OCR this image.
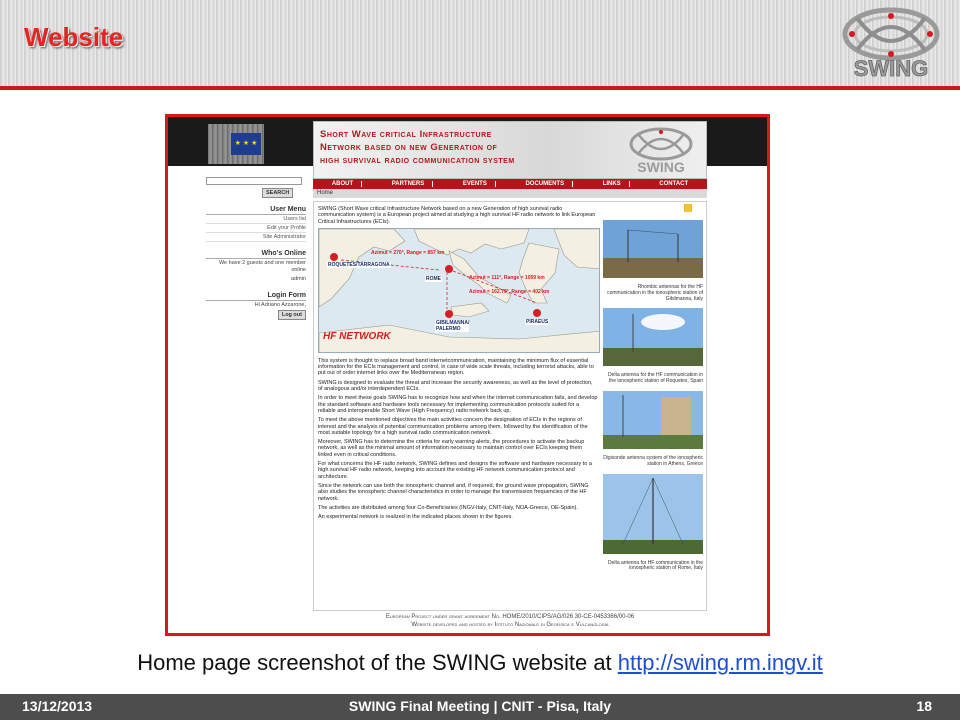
Website
SWING
★ ★ ★
Short Wave critical Infrastructure
Network based on new Generation of
high survival radio communication system	SWING
ABOUT	PARTNERS	EVENTS	DOCUMENTS	LINKS	CONTACT
Home
SEARCH
User Menu
Users list
Edit your Profile
Site Administrator
Who's Online
We have 2 guests and one member online
admin
Login Form
Hi Adriano Azzarone,
Log out

SWING (Short Wave critical Infrastructure Network based on a new Generation of high survival radio communication system) is a European project aimed at studying a high survival HF radio network to link European Critical Infrastructures (ECIs).

ROQUETES/TARRAGONA
ROME
GIBILMANNA/ PALERMO
PIRAEUS
Azimut = 270°, Range = 857 km
Azimut = 111°, Range = 1059 km
Azimut = 162.79°, Range = 402 km
HF NETWORK

This system is thought to replace broad band internetcommunication, maintaining the minimum flux of essential information for the ECIs management and control, in case of wide scale threats, including terrorist attacks, able to put out of order internet links over the Mediterranean region.

SWING is designed to evaluate the threat and increase the security awareness, as well as the level of protection, of analogous and/or interdependent ECIs.

In order to meet these goals SWING has to recognize how and when the internet communication fails, and develop the standard software and hardware tools necessary for implementing communication protocols suited for a reliable and interoperable Short Wave (High Frequency) radio network back up.

To meet the above mentioned objectives the main activities concern the designation of ECIs in the regions of interest and the analysis of potential communication problems among them, followed by the identification of the most suitable topology for a high survival radio communication network.

Moreover, SWING has to determine the criteria for early warning alerts, the procedures to activate the backup network, as well as the minimal amount of information necessary to maintain control over ECIs keeping them linked even in critical conditions.

For what concerns the HF radio network, SWING defines and designs the software and hardware necessary to a high survival HF radio network, keeping into account the existing HF network communication protocol and architecture.

Since the network can use both the ionospheric channel and, if required, the ground wave propagation, SWING also studies the ionospheric channel characteristics in order to manage the transmission frequencies of the HF network.

The activities are distributed among four Co-Beneficiaries (INGV-Italy, CNIT-Italy, NOA-Greece, OE-Spain).

An experimental network is realized in the indicated places shown in the figures.

Rhombic antennas for the HF communication in the ionospheric station of Gibilmanna, Italy
Delta antenna for the HF communication in the ionospheric station of Roquetes, Spain
Digisonde antenna system of the ionospheric station in Athens, Greece
Delta antenna for HF communication in the ionospheric station of Rome, Italy
European Project under grant agreement No. HOME/2010/CIPS/AG/026 30-CE-0453366/00-06
Website developed and hosted by Istituto Nazionale di Geofisica e Vulcanologia
Home page screenshot of the SWING website at http://swing.rm.ingv.it
13/12/2013	SWING Final Meeting | CNIT - Pisa, Italy	18
